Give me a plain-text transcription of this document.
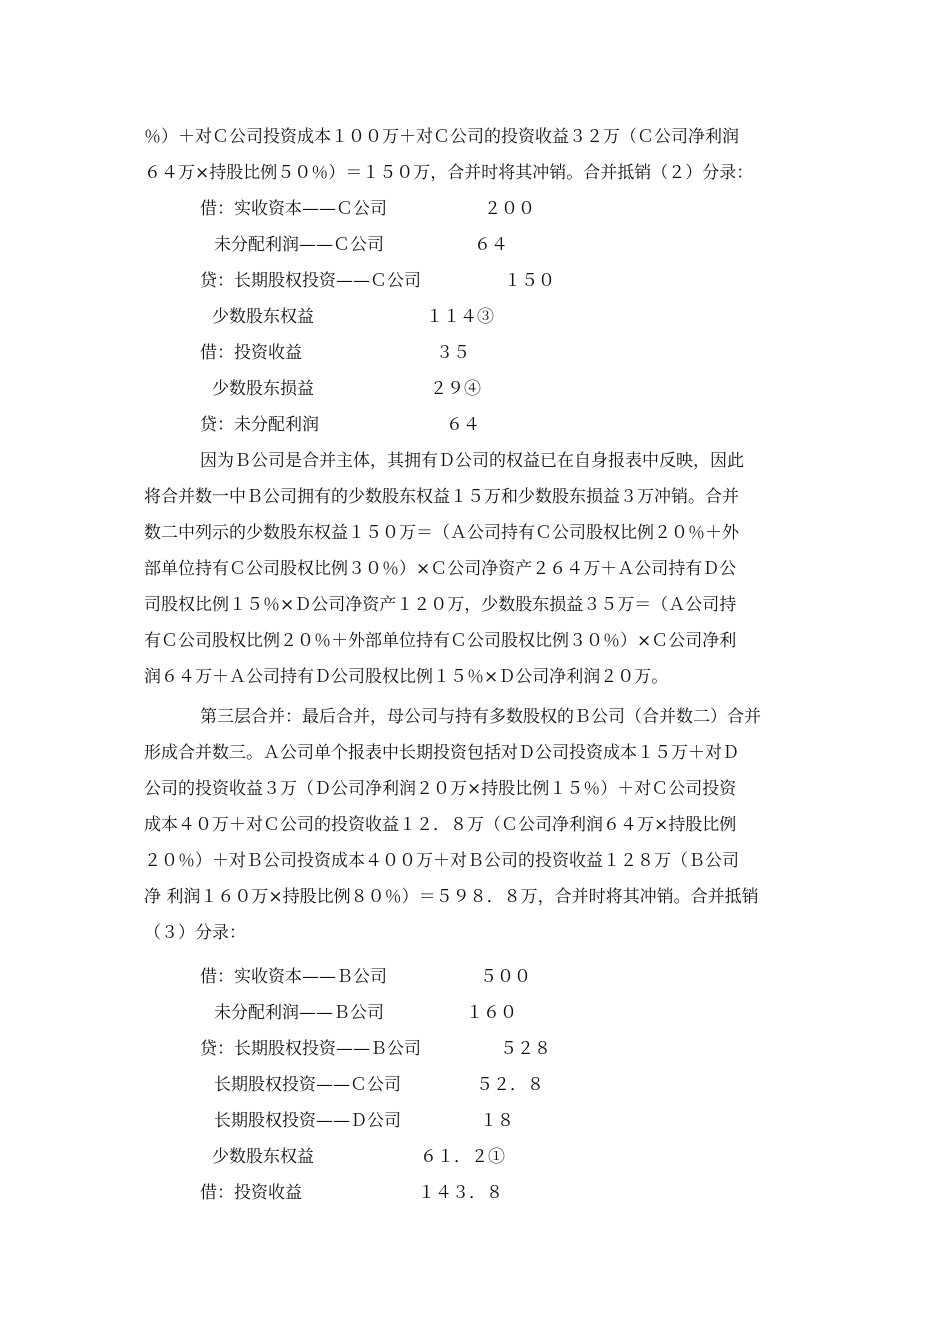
％）＋对Ｃ公司投资成本１００万＋对Ｃ公司的投资收益３２万（Ｃ公司净利润
６４万×持股比例５０％）＝１５０万，合并时将其冲销。合并抵销（２）分录：
借：实收资本——Ｃ公司	２００
未分配利润——Ｃ公司	６４
贷：长期股权投资——Ｃ公司	１５０
少数股东权益	１１４③
借：投资收益	３５
少数股东损益	２９④
贷：未分配利润	６４
因为Ｂ公司是合并主体，其拥有Ｄ公司的权益已在自身报表中反映，因此
将合并数一中Ｂ公司拥有的少数股东权益１５万和少数股东损益３万冲销。合并
数二中列示的少数股东权益１５０万＝（Ａ公司持有Ｃ公司股权比例２０％＋外
部单位持有Ｃ公司股权比例３０％）×Ｃ公司净资产２６４万＋Ａ公司持有Ｄ公
司股权比例１５％×Ｄ公司净资产１２０万，少数股东损益３５万＝（Ａ公司持
有Ｃ公司股权比例２０％＋外部单位持有Ｃ公司股权比例３０％）×Ｃ公司净利
润６４万＋Ａ公司持有Ｄ公司股权比例１５％×Ｄ公司净利润２０万。
第三层合并：最后合并，母公司与持有多数股权的Ｂ公司（合并数二）合并
形成合并数三。Ａ公司单个报表中长期投资包括对Ｄ公司投资成本１５万＋对Ｄ
公司的投资收益３万（Ｄ公司净利润２０万×持股比例１５％）＋对Ｃ公司投资
成本４０万＋对Ｃ公司的投资收益１２．８万（Ｃ公司净利润６４万×持股比例
２０％）＋对Ｂ公司投资成本４００万＋对Ｂ公司的投资收益１２８万（Ｂ公司
净 利润１６０万×持股比例８０％）＝５９８．８万，合并时将其冲销。合并抵销
（３）分录：
借：实收资本——Ｂ公司	５００
未分配利润——Ｂ公司	１６０
贷：长期股权投资——Ｂ公司	５２８
长期股权投资——Ｃ公司	５２．８
长期股权投资——Ｄ公司	１８
少数股东权益	６１．２①
借：投资收益	１４３．８
